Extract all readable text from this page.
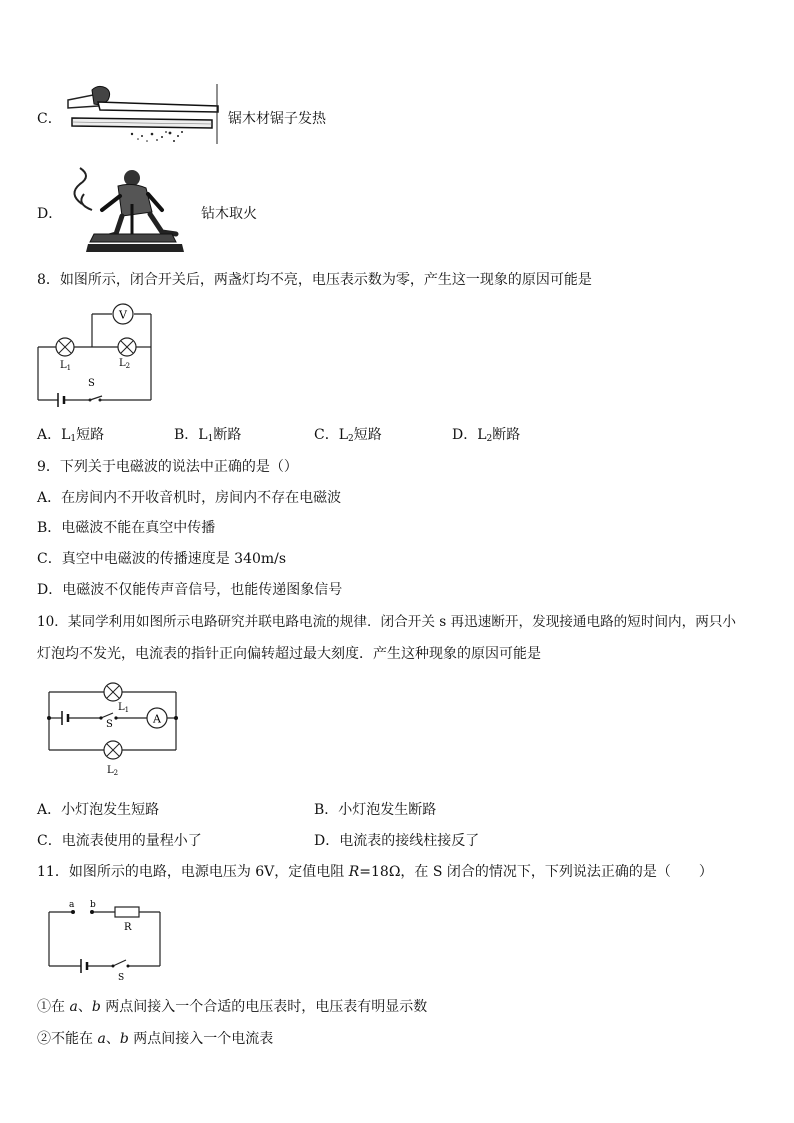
C．	锯木材锯子发热
D．	钻木取火
8．如图所示，闭合开关后，两盏灯均不亮，电压表示数为零，产生这一现象的原因可能是
V
$L_1$	$L_2$
S
A．$L_1$短路	B．$L_1$断路	C．$L_2$短路	D．$L_2$断路
9．下列关于电磁波的说法中正确的是（）
A．在房间内不开收音机时，房间内不存在电磁波
B．电磁波不能在真空中传播
C．真空中电磁波的传播速度是 340m/s
D．电磁波不仅能传声音信号，也能传递图象信号
10．某同学利用如图所示电路研究并联电路电流的规律．闭合开关 s 再迅速断开，发现接通电路的短时间内，两只小
灯泡均不发光，电流表的指针正向偏转超过最大刻度．产生这种现象的原因可能是
A
$L_1$
S
$L_2$
A．小灯泡发生短路	B．小灯泡发生断路
C．电流表使用的量程小了	D．电流表的接线柱接反了
11．如图所示的电路，电源电压为 6V，定值电阻 R=18Ω，在 S 闭合的情况下，下列说法正确的是（　　）
a b
R
S
①在 a、b 两点间接入一个合适的电压表时，电压表有明显示数
②不能在 a、b 两点间接入一个电流表
